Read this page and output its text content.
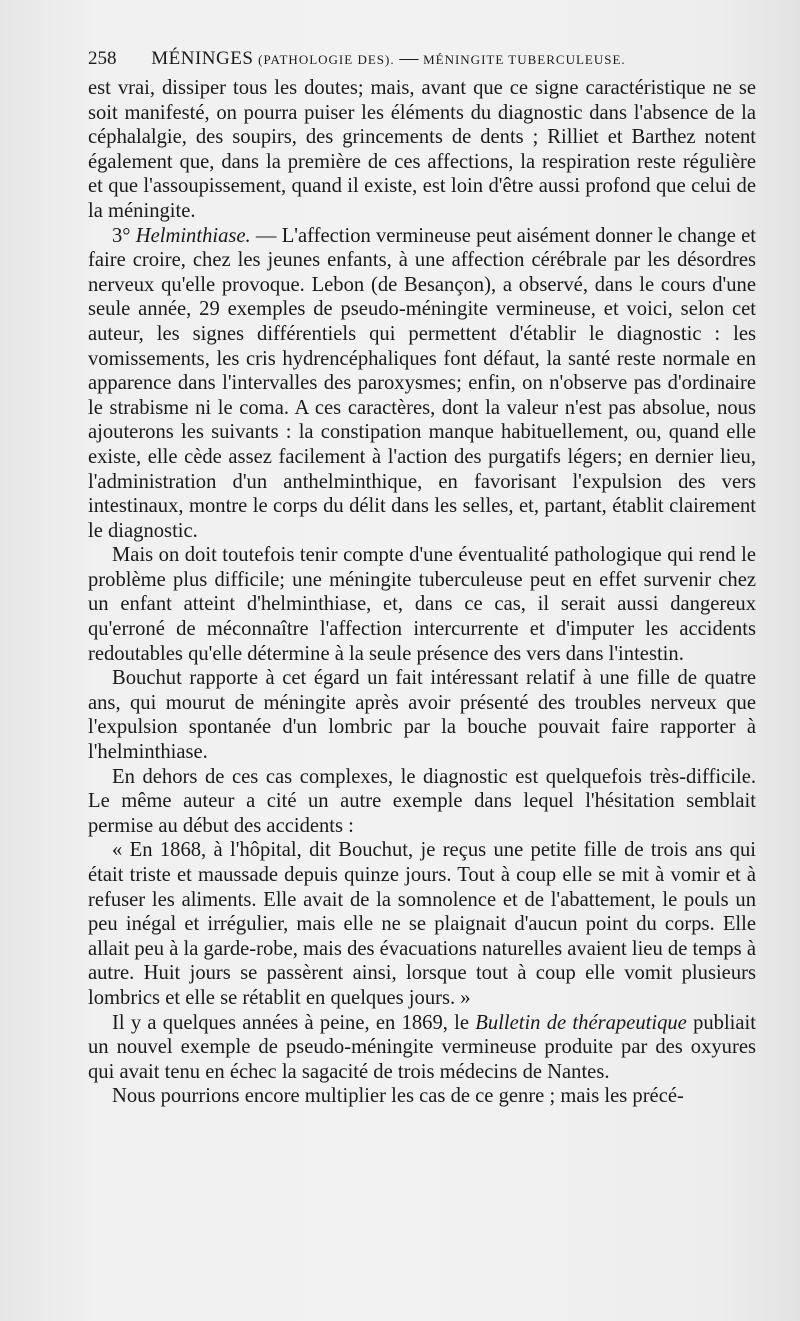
258 MÉNINGES (PATHOLOGIE DES). — MÉNINGITE TUBERCULEUSE.

est vrai, dissiper tous les doutes; mais, avant que ce signe caractéristique ne se soit manifesté, on pourra puiser les éléments du diagnostic dans l'absence de la céphalalgie, des soupirs, des grincements de dents ; Rilliet et Barthez notent également que, dans la première de ces affections, la respiration reste régulière et que l'assoupissement, quand il existe, est loin d'être aussi profond que celui de la méningite.

3° Helminthiase. — L'affection vermineuse peut aisément donner le change et faire croire, chez les jeunes enfants, à une affection cérébrale par les désordres nerveux qu'elle provoque. Lebon (de Besançon), a observé, dans le cours d'une seule année, 29 exemples de pseudo-méningite vermineuse, et voici, selon cet auteur, les signes différentiels qui permettent d'établir le diagnostic : les vomissements, les cris hydrencéphaliques font défaut, la santé reste normale en apparence dans l'intervalles des paroxysmes; enfin, on n'observe pas d'ordinaire le strabisme ni le coma. A ces caractères, dont la valeur n'est pas absolue, nous ajouterons les suivants : la constipation manque habituellement, ou, quand elle existe, elle cède assez facilement à l'action des purgatifs légers; en dernier lieu, l'administration d'un anthelminthique, en favorisant l'expulsion des vers intestinaux, montre le corps du délit dans les selles, et, partant, établit clairement le diagnostic.

Mais on doit toutefois tenir compte d'une éventualité pathologique qui rend le problème plus difficile; une méningite tuberculeuse peut en effet survenir chez un enfant atteint d'helminthiase, et, dans ce cas, il serait aussi dangereux qu'erroné de méconnaître l'affection intercurrente et d'imputer les accidents redoutables qu'elle détermine à la seule présence des vers dans l'intestin.

Bouchut rapporte à cet égard un fait intéressant relatif à une fille de quatre ans, qui mourut de méningite après avoir présenté des troubles nerveux que l'expulsion spontanée d'un lombric par la bouche pouvait faire rapporter à l'helminthiase.

En dehors de ces cas complexes, le diagnostic est quelquefois très-difficile. Le même auteur a cité un autre exemple dans lequel l'hésitation semblait permise au début des accidents :

« En 1868, à l'hôpital, dit Bouchut, je reçus une petite fille de trois ans qui était triste et maussade depuis quinze jours. Tout à coup elle se mit à vomir et à refuser les aliments. Elle avait de la somnolence et de l'abattement, le pouls un peu inégal et irrégulier, mais elle ne se plaignait d'aucun point du corps. Elle allait peu à la garde-robe, mais des évacuations naturelles avaient lieu de temps à autre. Huit jours se passèrent ainsi, lorsque tout à coup elle vomit plusieurs lombrics et elle se rétablit en quelques jours. »

Il y a quelques années à peine, en 1869, le Bulletin de thérapeutique publiait un nouvel exemple de pseudo-méningite vermineuse produite par des oxyures qui avait tenu en échec la sagacité de trois médecins de Nantes.

Nous pourrions encore multiplier les cas de ce genre ; mais les précé-
